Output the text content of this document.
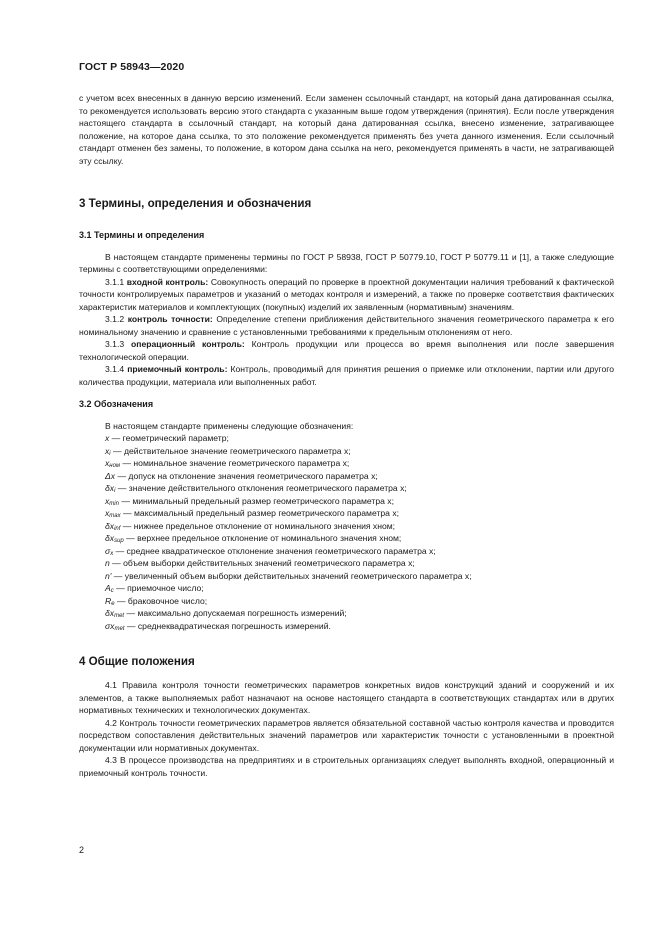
ГОСТ Р 58943—2020

с учетом всех внесенных в данную версию изменений. Если заменен ссылочный стандарт, на который дана датированная ссылка, то рекомендуется использовать версию этого стандарта с указанным выше годом утверждения (принятия). Если после утверждения настоящего стандарта в ссылочный стандарт, на который дана датированная ссылка, внесено изменение, затрагивающее положение, на которое дана ссылка, то это положение рекомендуется применять без учета данного изменения. Если ссылочный стандарт отменен без замены, то положение, в котором дана ссылка на него, рекомендуется применять в части, не затрагивающей эту ссылку.

3 Термины, определения и обозначения

3.1 Термины и определения

В настоящем стандарте применены термины по ГОСТ Р 58938, ГОСТ Р 50779.10, ГОСТ Р 50779.11 и [1], а также следующие термины с соответствующими определениями:

3.1.1 входной контроль: Совокупность операций по проверке в проектной документации наличия требований к фактической точности контролируемых параметров и указаний о методах контроля и измерений, а также по проверке соответствия фактических характеристик материалов и комплектующих (покупных) изделий их заявленным (нормативным) значениям.

3.1.2 контроль точности: Определение степени приближения действительного значения геометрического параметра к его номинальному значению и сравнение с установленными требованиями к предельным отклонениям от него.

3.1.3 операционный контроль: Контроль продукции или процесса во время выполнения или после завершения технологической операции.

3.1.4 приемочный контроль: Контроль, проводимый для принятия решения о приемке или отклонении, партии или другого количества продукции, материала или выполненных работ.

3.2 Обозначения

В настоящем стандарте применены следующие обозначения:

x — геометрический параметр;

$x_i$ — действительное значение геометрического параметра x;

$x_{ном}$ — номинальное значение геометрического параметра x;

Δx — допуск на отклонение значения геометрического параметра x;

$\delta x_i$ — значение действительного отклонения геометрического параметра x;

$x_{min}$ — минимальный предельный размер геометрического параметра x;

$x_{max}$ — максимальный предельный размер геометрического параметра x;

$\delta x_{inf}$ — нижнее предельное отклонение от номинального значения xном;

$\delta x_{sup}$ — верхнее предельное отклонение от номинального значения xном;

$\sigma_x$ — среднее квадратическое отклонение значения геометрического параметра x;

n — объем выборки действительных значений геометрического параметра x;

n' — увеличенный объем выборки действительных значений геометрического параметра x;

$A_c$ — приемочное число;

$R_e$ — браковочное число;

$\delta x_{met}$ — максимально допускаемая погрешность измерений;

$\sigma x_{met}$ — среднеквадратическая погрешность измерений.

4 Общие положения

4.1 Правила контроля точности геометрических параметров конкретных видов конструкций зданий и сооружений и их элементов, а также выполняемых работ назначают на основе настоящего стандарта в соответствующих стандартах или в других нормативных технических и технологических документах.

4.2 Контроль точности геометрических параметров является обязательной составной частью контроля качества и проводится посредством сопоставления действительных значений параметров или характеристик точности с установленными в проектной документации или нормативных документах.

4.3 В процессе производства на предприятиях и в строительных организациях следует выполнять входной, операционный и приемочный контроль точности.

2
